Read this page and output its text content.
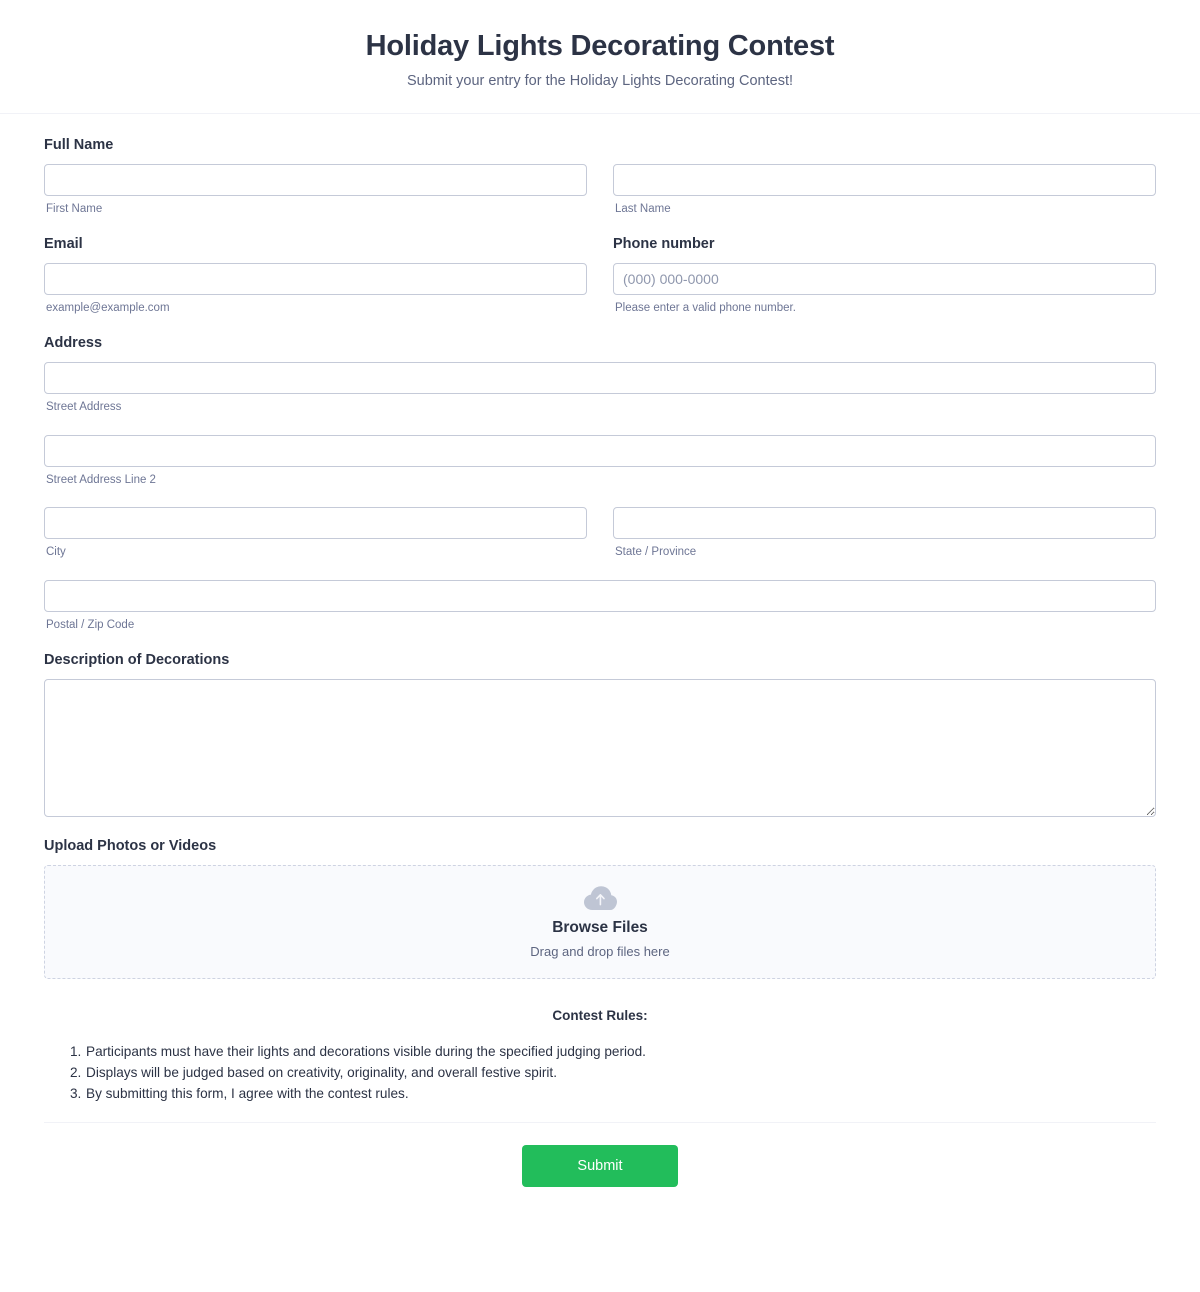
Holiday Lights Decorating Contest

Submit your entry for the Holiday Lights Decorating Contest!

Full Name
First Name	Last Name
Email
example@example.com
Phone number
(000) 000-0000
Please enter a valid phone number.
Address
Street Address
Street Address Line 2
City	State / Province
Postal / Zip Code
Description of Decorations
Upload Photos or Videos
Browse Files
Drag and drop files here
Contest Rules:
1. Participants must have their lights and decorations visible during the specified judging period.
2. Displays will be judged based on creativity, originality, and overall festive spirit.
3. By submitting this form, I agree with the contest rules.
Submit
